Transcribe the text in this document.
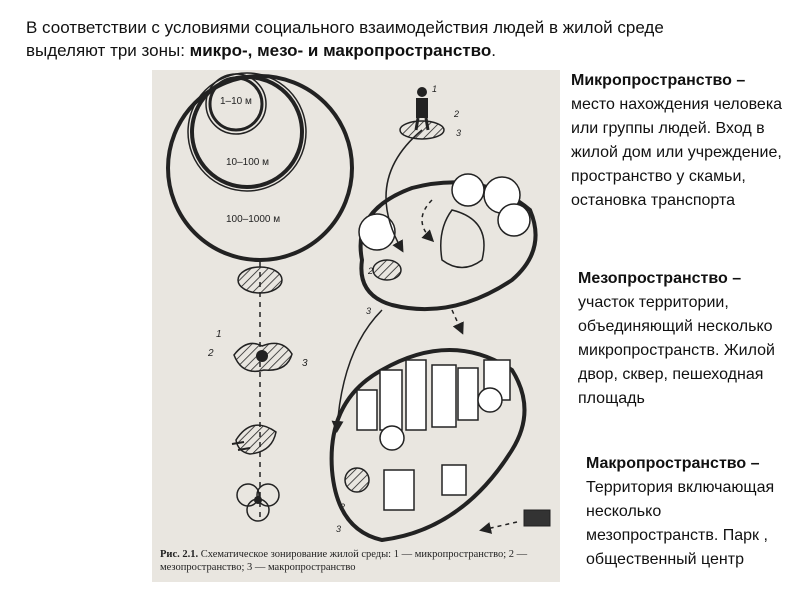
В соответствии с условиями социального взаимодействия людей в жилой среде выделяют три зоны: микро-, мезо- и макропространство.
1–10 м
10–100 м
100–1000 м
1
2
3
1
2
3
2
3
2
3
Рис. 2.1. Схематическое зонирование жилой среды: 1 — микропространство; 2 — мезопространство; 3 — макропространство
Микропространство –
место нахождения человека или группы людей. Вход в жилой дом или учреждение, пространство у скамьи, остановка транспорта
Мезопространство –
участок территории, объединяющий несколько микропространств. Жилой двор, сквер, пешеходная площадь
Макропространство –
Территория включающая несколько мезопространств. Парк , общественный центр
